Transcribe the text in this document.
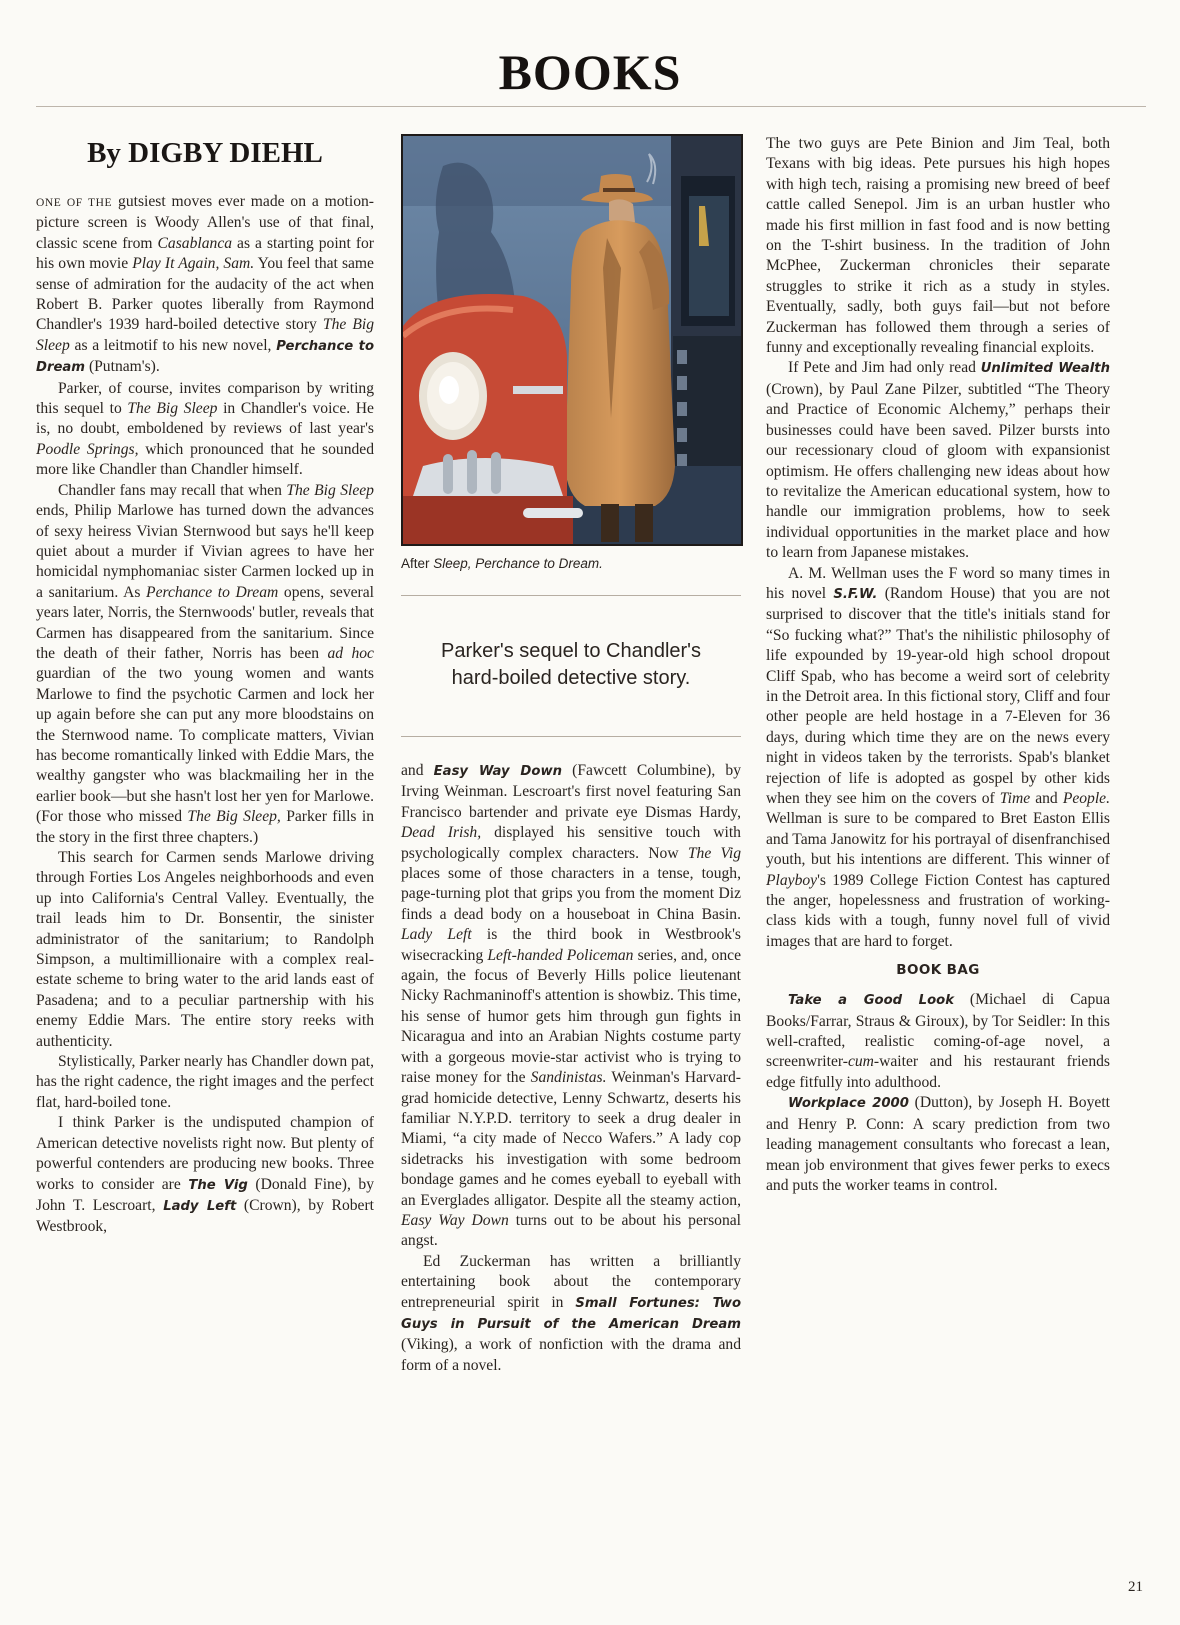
BOOKS
By DIGBY DIEHL

ONE OF THE gutsiest moves ever made on a motion-picture screen is Woody Allen's use of that final, classic scene from Casablanca as a starting point for his own movie Play It Again, Sam. You feel that same sense of admiration for the audacity of the act when Robert B. Parker quotes liberally from Raymond Chandler's 1939 hard-boiled detective story The Big Sleep as a leitmotif to his new novel, Perchance to Dream (Putnam's).

Parker, of course, invites comparison by writing this sequel to The Big Sleep in Chandler's voice. He is, no doubt, emboldened by reviews of last year's Poodle Springs, which pronounced that he sounded more like Chandler than Chandler himself.

Chandler fans may recall that when The Big Sleep ends, Philip Marlowe has turned down the advances of sexy heiress Vivian Sternwood but says he'll keep quiet about a murder if Vivian agrees to have her homicidal nymphomaniac sister Carmen locked up in a sanitarium. As Perchance to Dream opens, several years later, Norris, the Sternwoods' butler, reveals that Carmen has disappeared from the sanitarium. Since the death of their father, Norris has been ad hoc guardian of the two young women and wants Marlowe to find the psychotic Carmen and lock her up again before she can put any more bloodstains on the Sternwood name. To complicate matters, Vivian has become romantically linked with Eddie Mars, the wealthy gangster who was blackmailing her in the earlier book—but she hasn't lost her yen for Marlowe. (For those who missed The Big Sleep, Parker fills in the story in the first three chapters.)

This search for Carmen sends Marlowe driving through Forties Los Angeles neighborhoods and even up into California's Central Valley. Eventually, the trail leads him to Dr. Bonsentir, the sinister administrator of the sanitarium; to Randolph Simpson, a multimillionaire with a complex real-estate scheme to bring water to the arid lands east of Pasadena; and to a peculiar partnership with his enemy Eddie Mars. The entire story reeks with authenticity.

Stylistically, Parker nearly has Chandler down pat, has the right cadence, the right images and the perfect flat, hard-boiled tone.

I think Parker is the undisputed champion of American detective novelists right now. But plenty of powerful contenders are producing new books. Three works to consider are The Vig (Donald Fine), by John T. Lescroart, Lady Left (Crown), by Robert Westbrook,

After Sleep, Perchance to Dream.

Parker's sequel to Chandler's hard-boiled detective story.

and Easy Way Down (Fawcett Columbine), by Irving Weinman. Lescroart's first novel featuring San Francisco bartender and private eye Dismas Hardy, Dead Irish, displayed his sensitive touch with psychologically complex characters. Now The Vig places some of those characters in a tense, tough, page-turning plot that grips you from the moment Diz finds a dead body on a houseboat in China Basin. Lady Left is the third book in Westbrook's wisecracking Left-handed Policeman series, and, once again, the focus of Beverly Hills police lieutenant Nicky Rachmaninoff's attention is showbiz. This time, his sense of humor gets him through gun fights in Nicaragua and into an Arabian Nights costume party with a gorgeous movie-star activist who is trying to raise money for the Sandinistas. Weinman's Harvard-grad homicide detective, Lenny Schwartz, deserts his familiar N.Y.P.D. territory to seek a drug dealer in Miami, “a city made of Necco Wafers.” A lady cop sidetracks his investigation with some bedroom bondage games and he comes eyeball to eyeball with an Everglades alligator. Despite all the steamy action, Easy Way Down turns out to be about his personal angst.

Ed Zuckerman has written a brilliantly entertaining book about the contemporary entrepreneurial spirit in Small Fortunes: Two Guys in Pursuit of the American Dream (Viking), a work of nonfiction with the drama and form of a novel.

The two guys are Pete Binion and Jim Teal, both Texans with big ideas. Pete pursues his high hopes with high tech, raising a promising new breed of beef cattle called Senepol. Jim is an urban hustler who made his first million in fast food and is now betting on the T-shirt business. In the tradition of John McPhee, Zuckerman chronicles their separate struggles to strike it rich as a study in styles. Eventually, sadly, both guys fail—but not before Zuckerman has followed them through a series of funny and exceptionally revealing financial exploits.

If Pete and Jim had only read Unlimited Wealth (Crown), by Paul Zane Pilzer, subtitled “The Theory and Practice of Economic Alchemy,” perhaps their businesses could have been saved. Pilzer bursts into our recessionary cloud of gloom with expansionist optimism. He offers challenging new ideas about how to revitalize the American educational system, how to handle our immigration problems, how to seek individual opportunities in the market place and how to learn from Japanese mistakes.

A. M. Wellman uses the F word so many times in his novel S.F.W. (Random House) that you are not surprised to discover that the title's initials stand for “So fucking what?” That's the nihilistic philosophy of life expounded by 19-year-old high school dropout Cliff Spab, who has become a weird sort of celebrity in the Detroit area. In this fictional story, Cliff and four other people are held hostage in a 7-Eleven for 36 days, during which time they are on the news every night in videos taken by the terrorists. Spab's blanket rejection of life is adopted as gospel by other kids when they see him on the covers of Time and People. Wellman is sure to be compared to Bret Easton Ellis and Tama Janowitz for his portrayal of disenfranchised youth, but his intentions are different. This winner of Playboy's 1989 College Fiction Contest has captured the anger, hopelessness and frustration of working-class kids with a tough, funny novel full of vivid images that are hard to forget.

BOOK BAG

Take a Good Look (Michael di Capua Books/Farrar, Straus & Giroux), by Tor Seidler: In this well-crafted, realistic coming-of-age novel, a screenwriter-cum-waiter and his restaurant friends edge fitfully into adulthood.

Workplace 2000 (Dutton), by Joseph H. Boyett and Henry P. Conn: A scary prediction from two leading management consultants who forecast a lean, mean job environment that gives fewer perks to execs and puts the worker teams in control.

21
